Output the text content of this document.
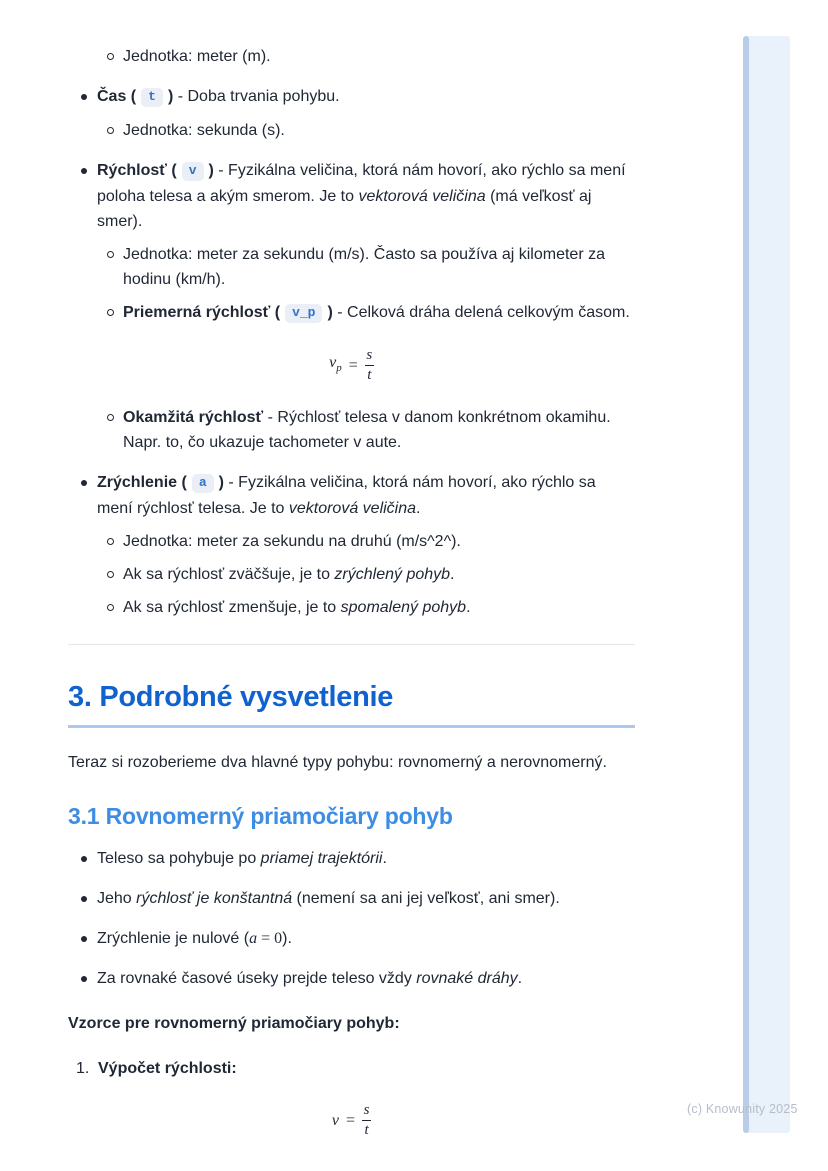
Jednotka: meter (m).
Čas ( t ) - Doba trvania pohybu.
Jednotka: sekunda (s).
Rýchlosť ( v ) - Fyzikálna veličina, ktorá nám hovorí, ako rýchlo sa mení poloha telesa a akým smerom. Je to vektorová veličina (má veľkosť aj smer).
Jednotka: meter za sekundu (m/s). Často sa používa aj kilometer za hodinu (km/h).
Priemerná rýchlosť ( v_p ) - Celková dráha delená celkovým časom.
$v_p = \frac{s}{t}$
Okamžitá rýchlosť - Rýchlosť telesa v danom konkrétnom okamihu. Napr. to, čo ukazuje tachometer v aute.
Zrýchlenie ( a ) - Fyzikálna veličina, ktorá nám hovorí, ako rýchlo sa mení rýchlosť telesa. Je to vektorová veličina.
Jednotka: meter za sekundu na druhú (m/s^2^).
Ak sa rýchlosť zväčšuje, je to zrýchlený pohyb.
Ak sa rýchlosť zmenšuje, je to spomalený pohyb.
3. Podrobné vysvetlenie

Teraz si rozoberieme dva hlavné typy pohybu: rovnomerný a nerovnomerný.

3.1 Rovnomerný priamočiary pohyb
Teleso sa pohybuje po priamej trajektórii.
Jeho rýchlosť je konštantná (nemení sa ani jej veľkosť, ani smer).
Zrýchlenie je nulové (a = 0).
Za rovnaké časové úseky prejde teleso vždy rovnaké dráhy.

Vzorce pre rovnomerný priamočiary pohyb:

1. Výpočet rýchlosti:
$v = \frac{s}{t}$	(c) Knowunity 2025
